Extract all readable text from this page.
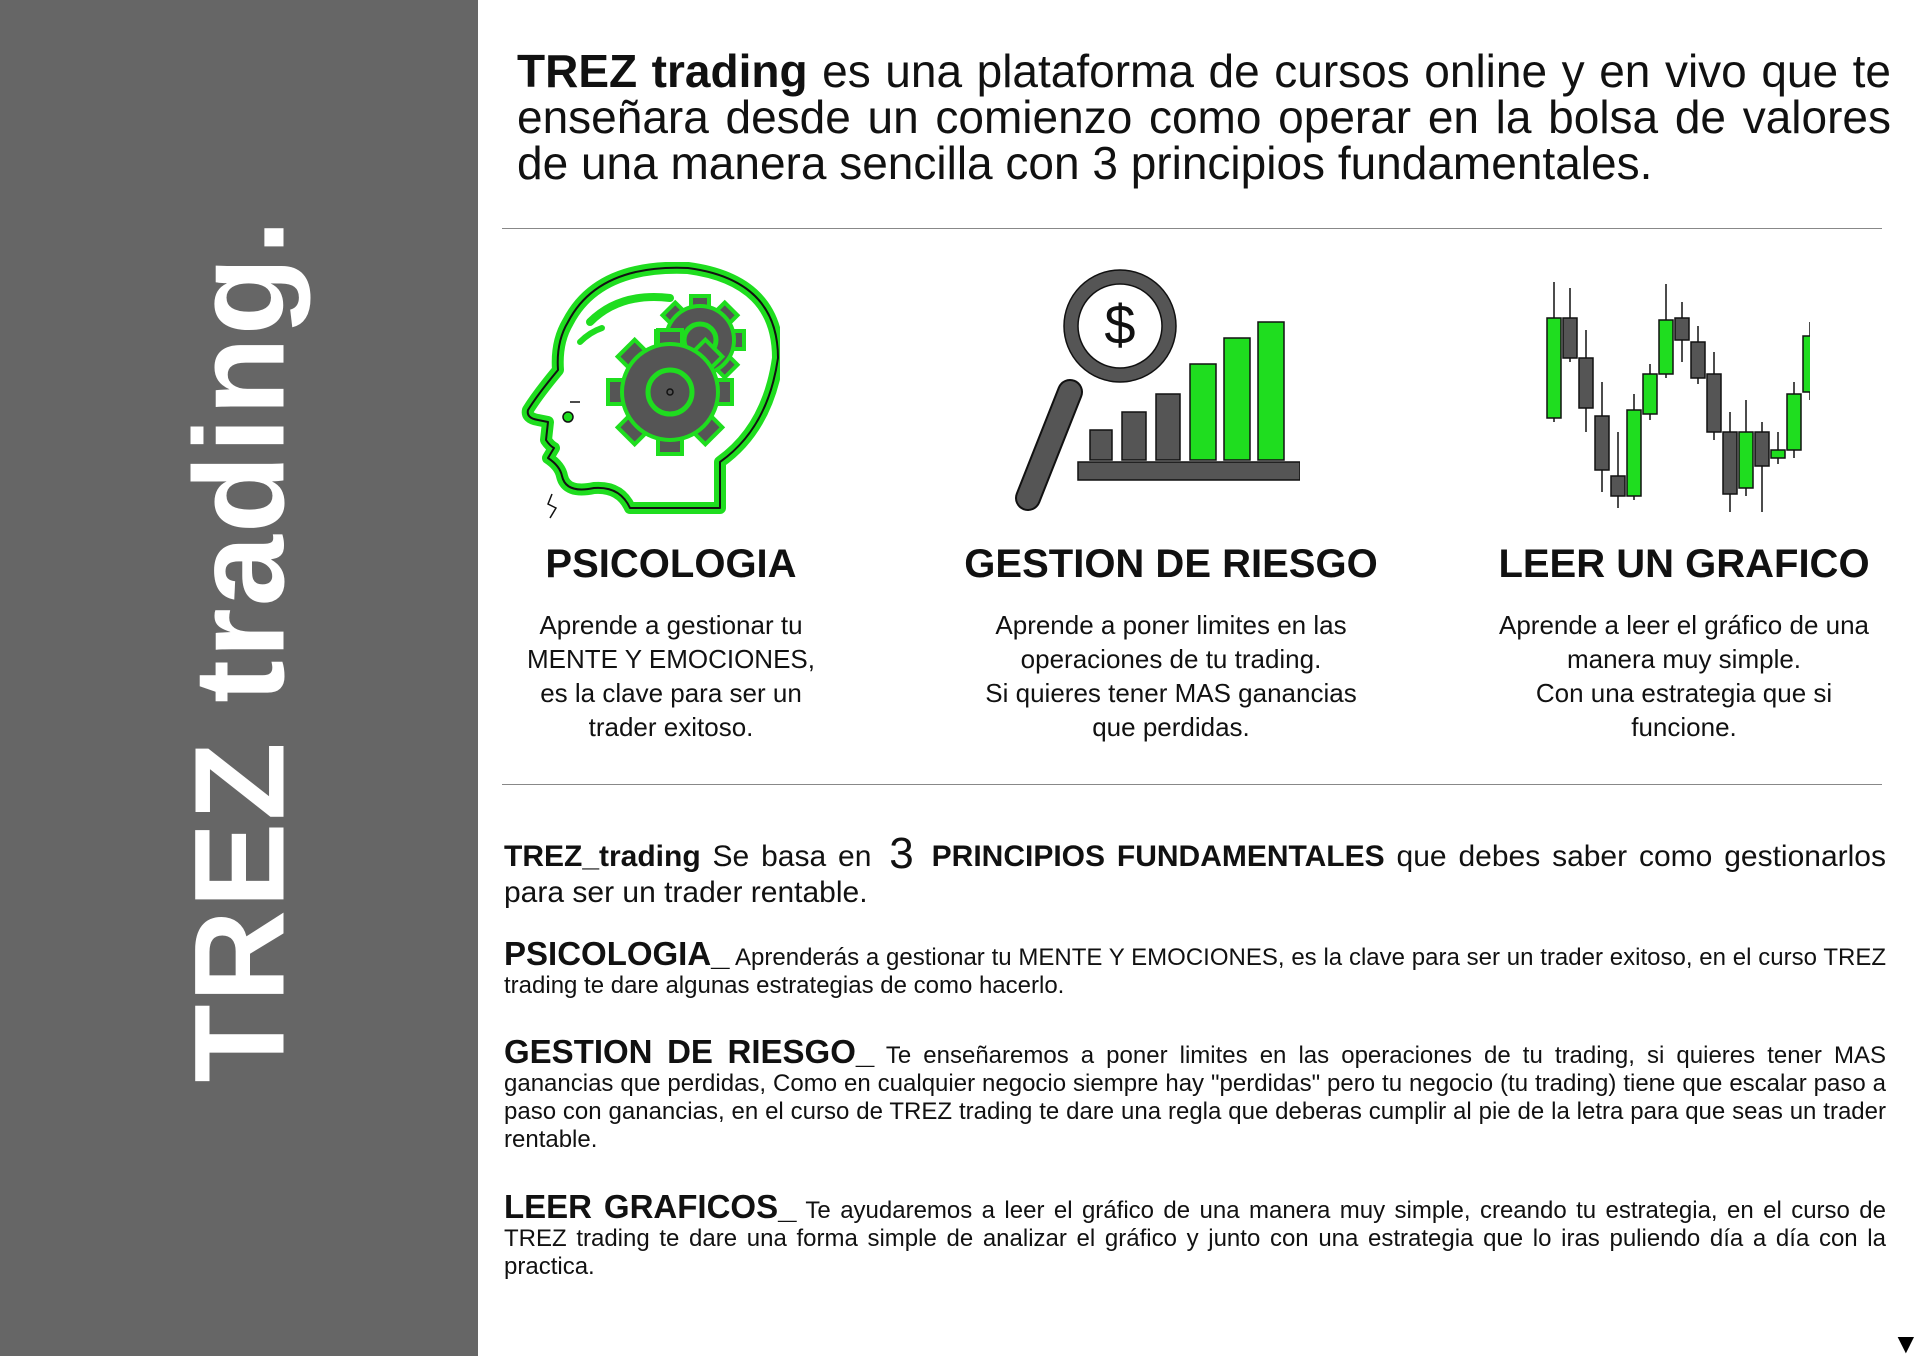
TREZ trading.
TREZ trading es una plataforma de cursos online y en vivo que te enseñara desde un comienzo como operar en la bolsa de valores de una manera sencilla con 3 principios fundamentales.
$
PSICOLOGIA	GESTION DE RIESGO	LEER UN GRAFICO
Aprende a gestionar tu
MENTE Y EMOCIONES,
es la clave para ser un
trader exitoso.
Aprende a poner limites en las
operaciones de tu trading.
Si quieres tener MAS ganancias
que perdidas.
Aprende a leer el gráfico de una
manera muy simple.
Con una estrategia que si
funcione.
TREZ_trading Se basa en 3 PRINCIPIOS FUNDAMENTALES que debes saber como gestionarlos para ser un trader rentable.
PSICOLOGIA_ Aprenderás a gestionar tu MENTE Y EMOCIONES, es la clave para ser un trader exitoso, en el curso TREZ trading te dare algunas estrategias de como hacerlo.
GESTION DE RIESGO_ Te enseñaremos a poner limites en las operaciones de tu trading, si quieres tener MAS ganancias que perdidas, Como en cualquier negocio siempre hay "perdidas" pero tu negocio (tu trading) tiene que escalar paso a paso con ganancias, en el curso de TREZ trading te dare una regla que deberas cumplir al pie de la letra para que seas un trader rentable.
LEER GRAFICOS_ Te ayudaremos a leer el gráfico de una manera muy simple, creando tu estrategia, en el curso de TREZ trading te dare una forma simple de analizar el gráfico y junto con una estrategia que lo iras puliendo día a día con la practica.
▼
